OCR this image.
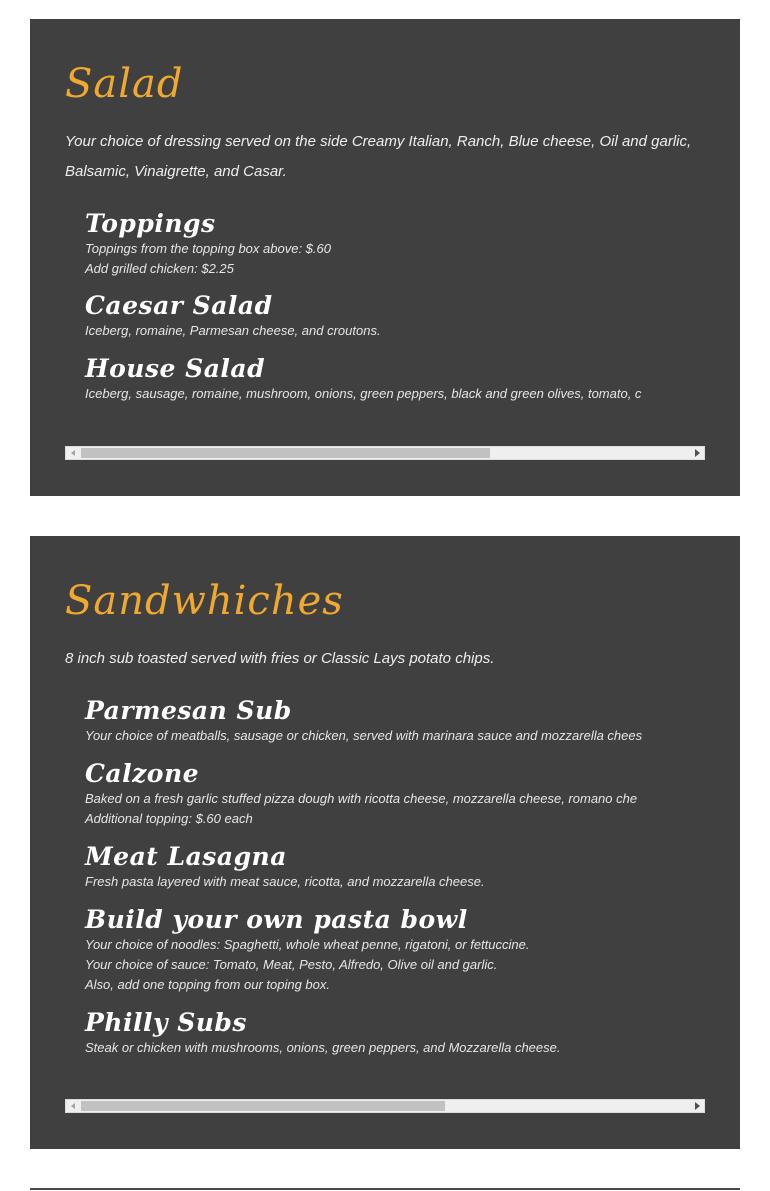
Salad

Your choice of dressing served on the side Creamy Italian, Ranch, Blue cheese, Oil and garlic, Balsamic, Vinaigrette, and Casar.

Toppings

Toppings from the topping box above: $.60

Add grilled chicken: $2.25

Caesar Salad

Iceberg, romaine, Parmesan cheese, and croutons.

House Salad

Iceberg, sausage, romaine, mushroom, onions, green peppers, black and green olives, tomato, c

Sandwhiches

8 inch sub toasted served with fries or Classic Lays potato chips.

Parmesan Sub

Your choice of meatballs, sausage or chicken, served with marinara sauce and mozzarella chees

Calzone

Baked on a fresh garlic stuffed pizza dough with ricotta cheese, mozzarella cheese, romano che

Additional topping: $.60 each

Meat Lasagna

Fresh pasta layered with meat sauce, ricotta, and mozzarella cheese.

Build your own pasta bowl

Your choice of noodles: Spaghetti, whole wheat penne, rigatoni, or fettuccine.

Your choice of sauce: Tomato, Meat, Pesto, Alfredo, Olive oil and garlic.

Also, add one topping from our toping box.

Philly Subs

Steak or chicken with mushrooms, onions, green peppers, and Mozzarella cheese.
